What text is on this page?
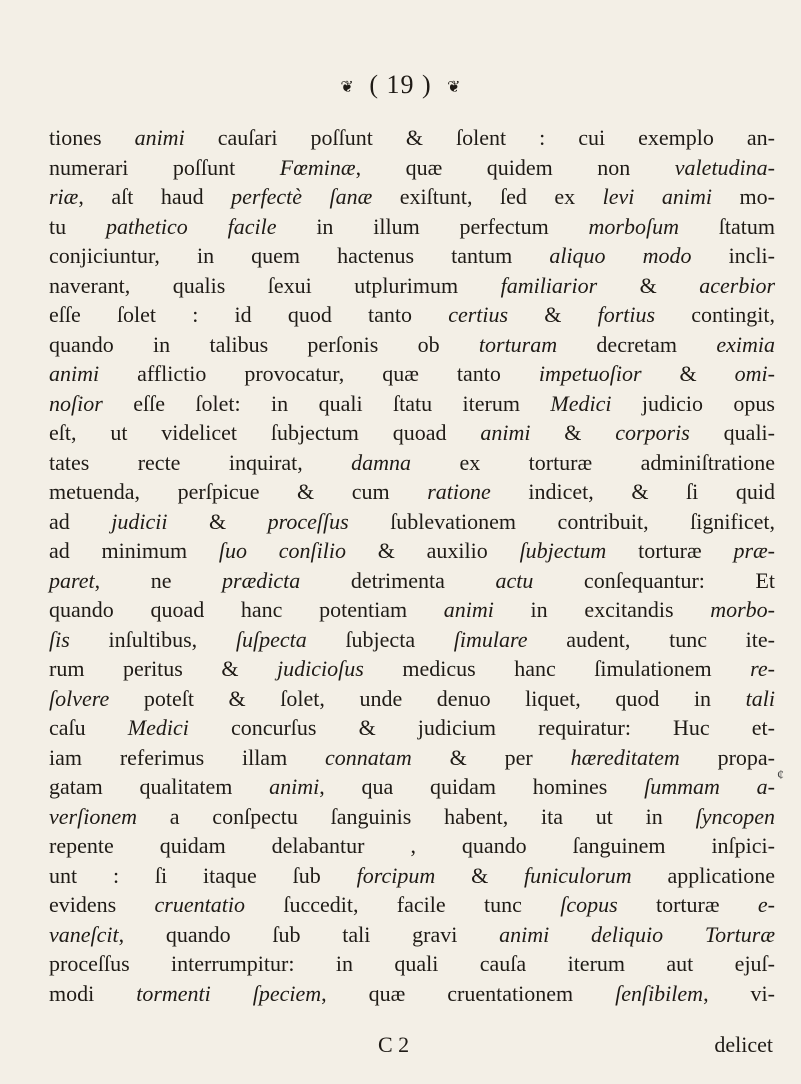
❦ ( 19 ) ❦
tiones animi cauſari poſſunt & ſolent : cui exemplo an-
numerari poſſunt Fœminæ, quæ quidem non valetudina-
riæ, aſt haud perfectè ſanæ exiſtunt, ſed ex levi animi mo-
tu pathetico facile in illum perfectum morboſum ſtatum
conjiciuntur, in quem hactenus tantum aliquo modo incli-
naverant, qualis ſexui utplurimum familiarior & acerbior
eſſe ſolet : id quod tanto certius & fortius contingit,
quando in talibus perſonis ob torturam decretam eximia
animi afflictio provocatur, quæ tanto impetuoſior & omi-
noſior eſſe ſolet: in quali ſtatu iterum Medici judicio opus
eſt, ut videlicet ſubjectum quoad animi & corporis quali-
tates recte inquirat, damna ex torturæ adminiſtratione
metuenda, perſpicue & cum ratione indicet, & ſi quid
ad judicii & proceſſus ſublevationem contribuit, ſignificet,
ad minimum ſuo conſilio & auxilio ſubjectum torturæ præ-
paret, ne prædicta detrimenta actu conſequantur: Et
quando quoad hanc potentiam animi in excitandis morbo-
ſis inſultibus, ſuſpecta ſubjecta ſimulare audent, tunc ite-
rum peritus & judicioſus medicus hanc ſimulationem re-
ſolvere poteſt & ſolet, unde denuo liquet, quod in tali
caſu Medici concurſus & judicium requiratur: Huc et-
iam referimus illam connatam & per hæreditatem propa-
gatam qualitatem animi, qua quidam homines ſummam a-
verſionem a conſpectu ſanguinis habent, ita ut in ſyncopen
repente quidam delabantur , quando ſanguinem inſpici-
unt : ſi itaque ſub forcipum & funiculorum applicatione
evidens cruentatio ſuccedit, facile tunc ſcopus torturæ e-
vaneſcit, quando ſub tali gravi animi deliquio Torturæ
proceſſus interrumpitur: in quali cauſa iterum aut ejuſ-
modi tormenti ſpeciem, quæ cruentationem ſenſibilem, vi-
¢
C 2	delicet
